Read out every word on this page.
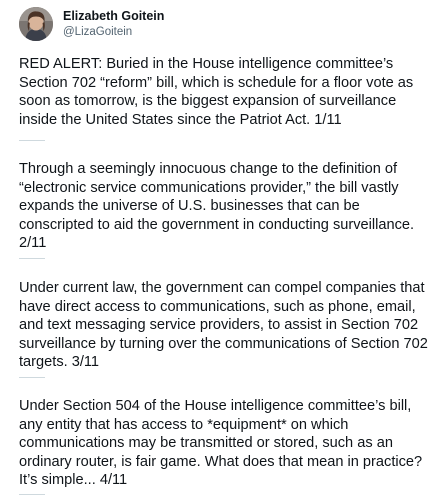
Elizabeth Goitein
@LizaGoitein

RED ALERT: Buried in the House intelligence committee’s Section 702 “reform” bill, which is schedule for a floor vote as soon as tomorrow, is the biggest expansion of surveillance inside the United States since the Patriot Act. 1/11

Through a seemingly innocuous change to the definition of “electronic service communications provider,” the bill vastly expands the universe of U.S. businesses that can be conscripted to aid the government in conducting surveillance. 2/11

Under current law, the government can compel companies that have direct access to communications, such as phone, email, and text messaging service providers, to assist in Section 702 surveillance by turning over the communications of Section 702 targets. 3/11

Under Section 504 of the House intelligence committee’s bill, any entity that has access to *equipment* on which communications may be transmitted or stored, such as an ordinary router, is fair game. What does that mean in practice? It’s simple... 4/11
